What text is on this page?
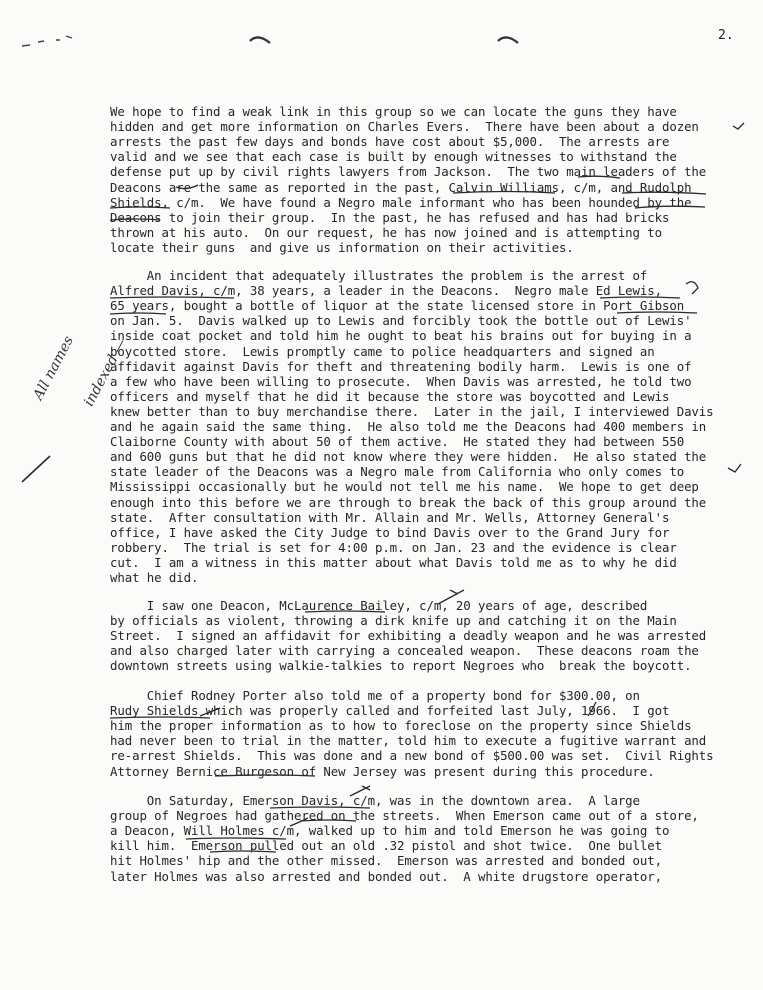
2.
We hope to find a weak link in this group so we can locate the guns they have
hidden and get more information on Charles Evers.  There have been about a dozen
arrests the past few days and bonds have cost about $5,000.  The arrests are
valid and we see that each case is built by enough witnesses to withstand the
defense put up by civil rights lawyers from Jackson.  The two main leaders of the
Deacons are the same as reported in the past, Calvin Williams, c/m, and Rudolph
Shields, c/m.  We have found a Negro male informant who has been hounded by the
Deacons to join their group.  In the past, he has refused and has had bricks
thrown at his auto.  On our request, he has now joined and is attempting to
locate their guns  and give us information on their activities.
An incident that adequately illustrates the problem is the arrest of
Alfred Davis, c/m, 38 years, a leader in the Deacons.  Negro male Ed Lewis,
65 years, bought a bottle of liquor at the state licensed store in Port Gibson
on Jan. 5.  Davis walked up to Lewis and forcibly took the bottle out of Lewis'
inside coat pocket and told him he ought to beat his brains out for buying in a
boycotted store.  Lewis promptly came to police headquarters and signed an
affidavit against Davis for theft and threatening bodily harm.  Lewis is one of
a few who have been willing to prosecute.  When Davis was arrested, he told two
officers and myself that he did it because the store was boycotted and Lewis
knew better than to buy merchandise there.  Later in the jail, I interviewed Davis
and he again said the same thing.  He also told me the Deacons had 400 members in
Claiborne County with about 50 of them active.  He stated they had between 550
and 600 guns but that he did not know where they were hidden.  He also stated the
state leader of the Deacons was a Negro male from California who only comes to
Mississippi occasionally but he would not tell me his name.  We hope to get deep
enough into this before we are through to break the back of this group around the
state.  After consultation with Mr. Allain and Mr. Wells, Attorney General's
office, I have asked the City Judge to bind Davis over to the Grand Jury for
robbery.  The trial is set for 4:00 p.m. on Jan. 23 and the evidence is clear
cut.  I am a witness in this matter about what Davis told me as to why he did
what he did.
I saw one Deacon, McLaurence Bailey, c/m, 20 years of age, described
by officials as violent, throwing a dirk knife up and catching it on the Main
Street.  I signed an affidavit for exhibiting a deadly weapon and he was arrested
and also charged later with carrying a concealed weapon.  These deacons roam the
downtown streets using walkie-talkies to report Negroes who  break the boycott.
Chief Rodney Porter also told me of a property bond for $300.00, on
Rudy Shields which was properly called and forfeited last July, 1966.  I got
him the proper information as to how to foreclose on the property since Shields
had never been to trial in the matter, told him to execute a fugitive warrant and
re-arrest Shields.  This was done and a new bond of $500.00 was set.  Civil Rights
Attorney Bernice Burgeson of New Jersey was present during this procedure.
On Saturday, Emerson Davis, c/m, was in the downtown area.  A large
group of Negroes had gathered on the streets.  When Emerson came out of a store,
a Deacon, Will Holmes c/m, walked up to him and told Emerson he was going to
kill him.  Emerson pulled out an old .32 pistol and shot twice.  One bullet
hit Holmes' hip and the other missed.  Emerson was arrested and bonded out,
later Holmes was also arrested and bonded out.  A white drugstore operator,

All names

indexed —
